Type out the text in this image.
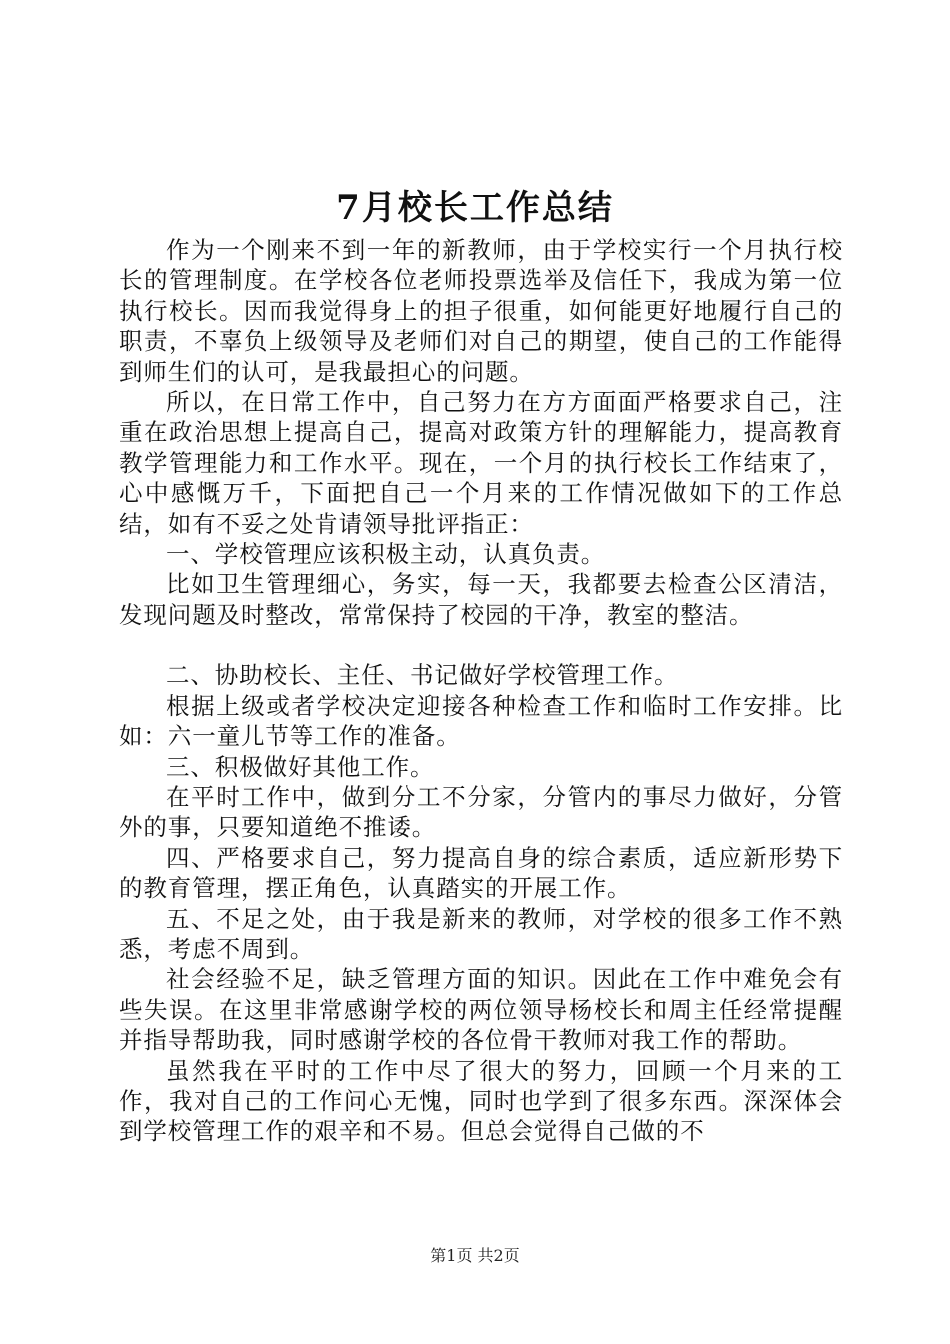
7月校长工作总结

作为一个刚来不到一年的新教师，由于学校实行一个月执行校长的管理制度。在学校各位老师投票选举及信任下，我成为第一位执行校长。因而我觉得身上的担子很重，如何能更好地履行自己的职责，不辜负上级领导及老师们对自己的期望，使自己的工作能得到师生们的认可，是我最担心的问题。

所以，在日常工作中，自己努力在方方面面严格要求自己，注重在政治思想上提高自己，提高对政策方针的理解能力，提高教育教学管理能力和工作水平。现在，一个月的执行校长工作结束了，心中感慨万千，下面把自己一个月来的工作情况做如下的工作总结，如有不妥之处肯请领导批评指正：

一、学校管理应该积极主动，认真负责。

比如卫生管理细心，务实，每一天，我都要去检查公区清洁，发现问题及时整改，常常保持了校园的干净，教室的整洁。

二、协助校长、主任、书记做好学校管理工作。

根据上级或者学校决定迎接各种检查工作和临时工作安排。比如：六一童儿节等工作的准备。

三、积极做好其他工作。

在平时工作中，做到分工不分家，分管内的事尽力做好，分管外的事，只要知道绝不推诿。

四、严格要求自己，努力提高自身的综合素质，适应新形势下的教育管理，摆正角色，认真踏实的开展工作。

五、不足之处，由于我是新来的教师，对学校的很多工作不熟悉，考虑不周到。

社会经验不足，缺乏管理方面的知识。因此在工作中难免会有些失误。在这里非常感谢学校的两位领导杨校长和周主任经常提醒并指导帮助我，同时感谢学校的各位骨干教师对我工作的帮助。

虽然我在平时的工作中尽了很大的努力，回顾一个月来的工作，我对自己的工作问心无愧，同时也学到了很多东西。深深体会到学校管理工作的艰辛和不易。但总会觉得自己做的不

第1页 共2页
